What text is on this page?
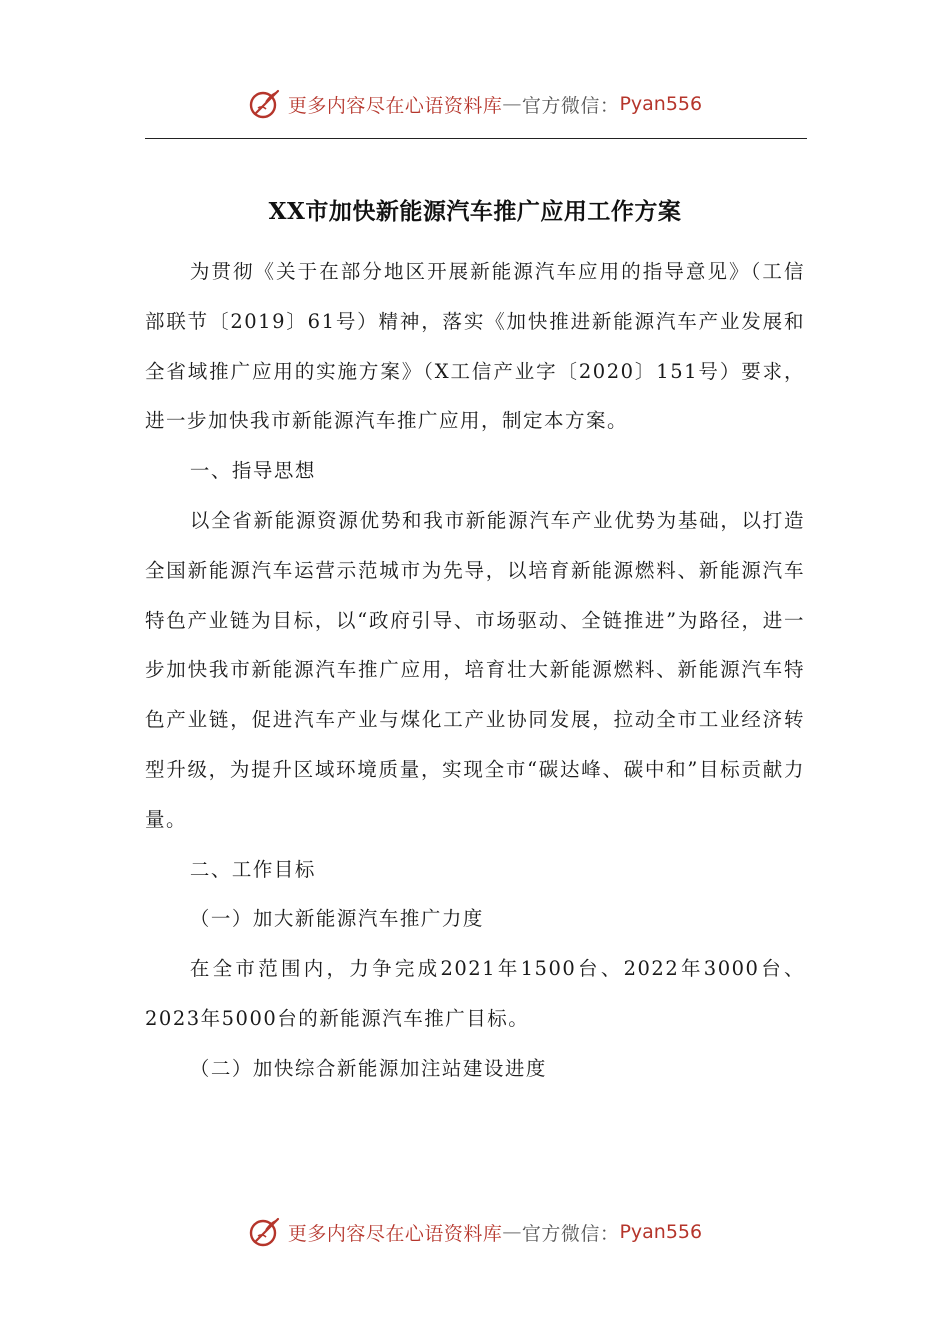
更多内容尽在心语资料库 — 官方微信： Pyan556
XX市加快新能源汽车推广应用工作方案

为贯彻《关于在部分地区开展新能源汽车应用的指导意见》（工信部联节〔2019〕61号）精神，落实《加快推进新能源汽车产业发展和全省域推广应用的实施方案》（X工信产业字〔2020〕151号）要求，进一步加快我市新能源汽车推广应用，制定本方案。

一、指导思想

以全省新能源资源优势和我市新能源汽车产业优势为基础，以打造全国新能源汽车运营示范城市为先导，以培育新能源燃料、新能源汽车特色产业链为目标，以“政府引导、市场驱动、全链推进”为路径，进一步加快我市新能源汽车推广应用，培育壮大新能源燃料、新能源汽车特色产业链，促进汽车产业与煤化工产业协同发展，拉动全市工业经济转型升级，为提升区域环境质量，实现全市“碳达峰、碳中和”目标贡献力量。

二、工作目标

（一）加大新能源汽车推广力度

在全市范围内，力争完成2021年1500台、2022年3000台、2023年5000台的新能源汽车推广目标。

（二）加快综合新能源加注站建设进度

更多内容尽在心语资料库 — 官方微信： Pyan556
